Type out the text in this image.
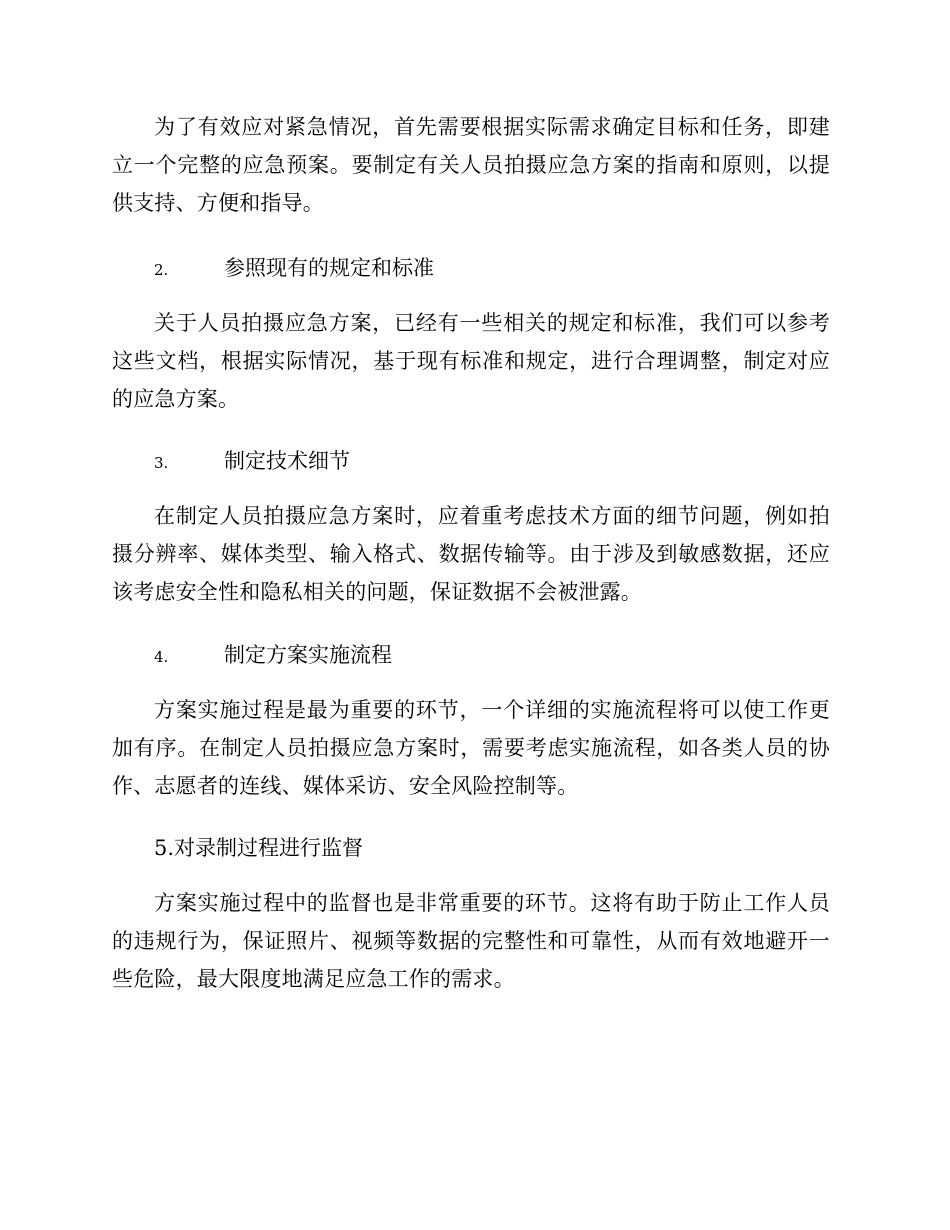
为了有效应对紧急情况，首先需要根据实际需求确定目标和任务，即建立一个完整的应急预案。要制定有关人员拍摄应急方案的指南和原则，以提供支持、方便和指导。

2.	参照现有的规定和标准

关于人员拍摄应急方案，已经有一些相关的规定和标准，我们可以参考这些文档，根据实际情况，基于现有标准和规定，进行合理调整，制定对应的应急方案。

3.	制定技术细节

在制定人员拍摄应急方案时，应着重考虑技术方面的细节问题，例如拍摄分辨率、媒体类型、输入格式、数据传输等。由于涉及到敏感数据，还应该考虑安全性和隐私相关的问题，保证数据不会被泄露。

4.	制定方案实施流程

方案实施过程是最为重要的环节，一个详细的实施流程将可以使工作更加有序。在制定人员拍摄应急方案时，需要考虑实施流程，如各类人员的协作、志愿者的连线、媒体采访、安全风险控制等。

5.对录制过程进行监督

方案实施过程中的监督也是非常重要的环节。这将有助于防止工作人员的违规行为，保证照片、视频等数据的完整性和可靠性，从而有效地避开一些危险，最大限度地满足应急工作的需求。
